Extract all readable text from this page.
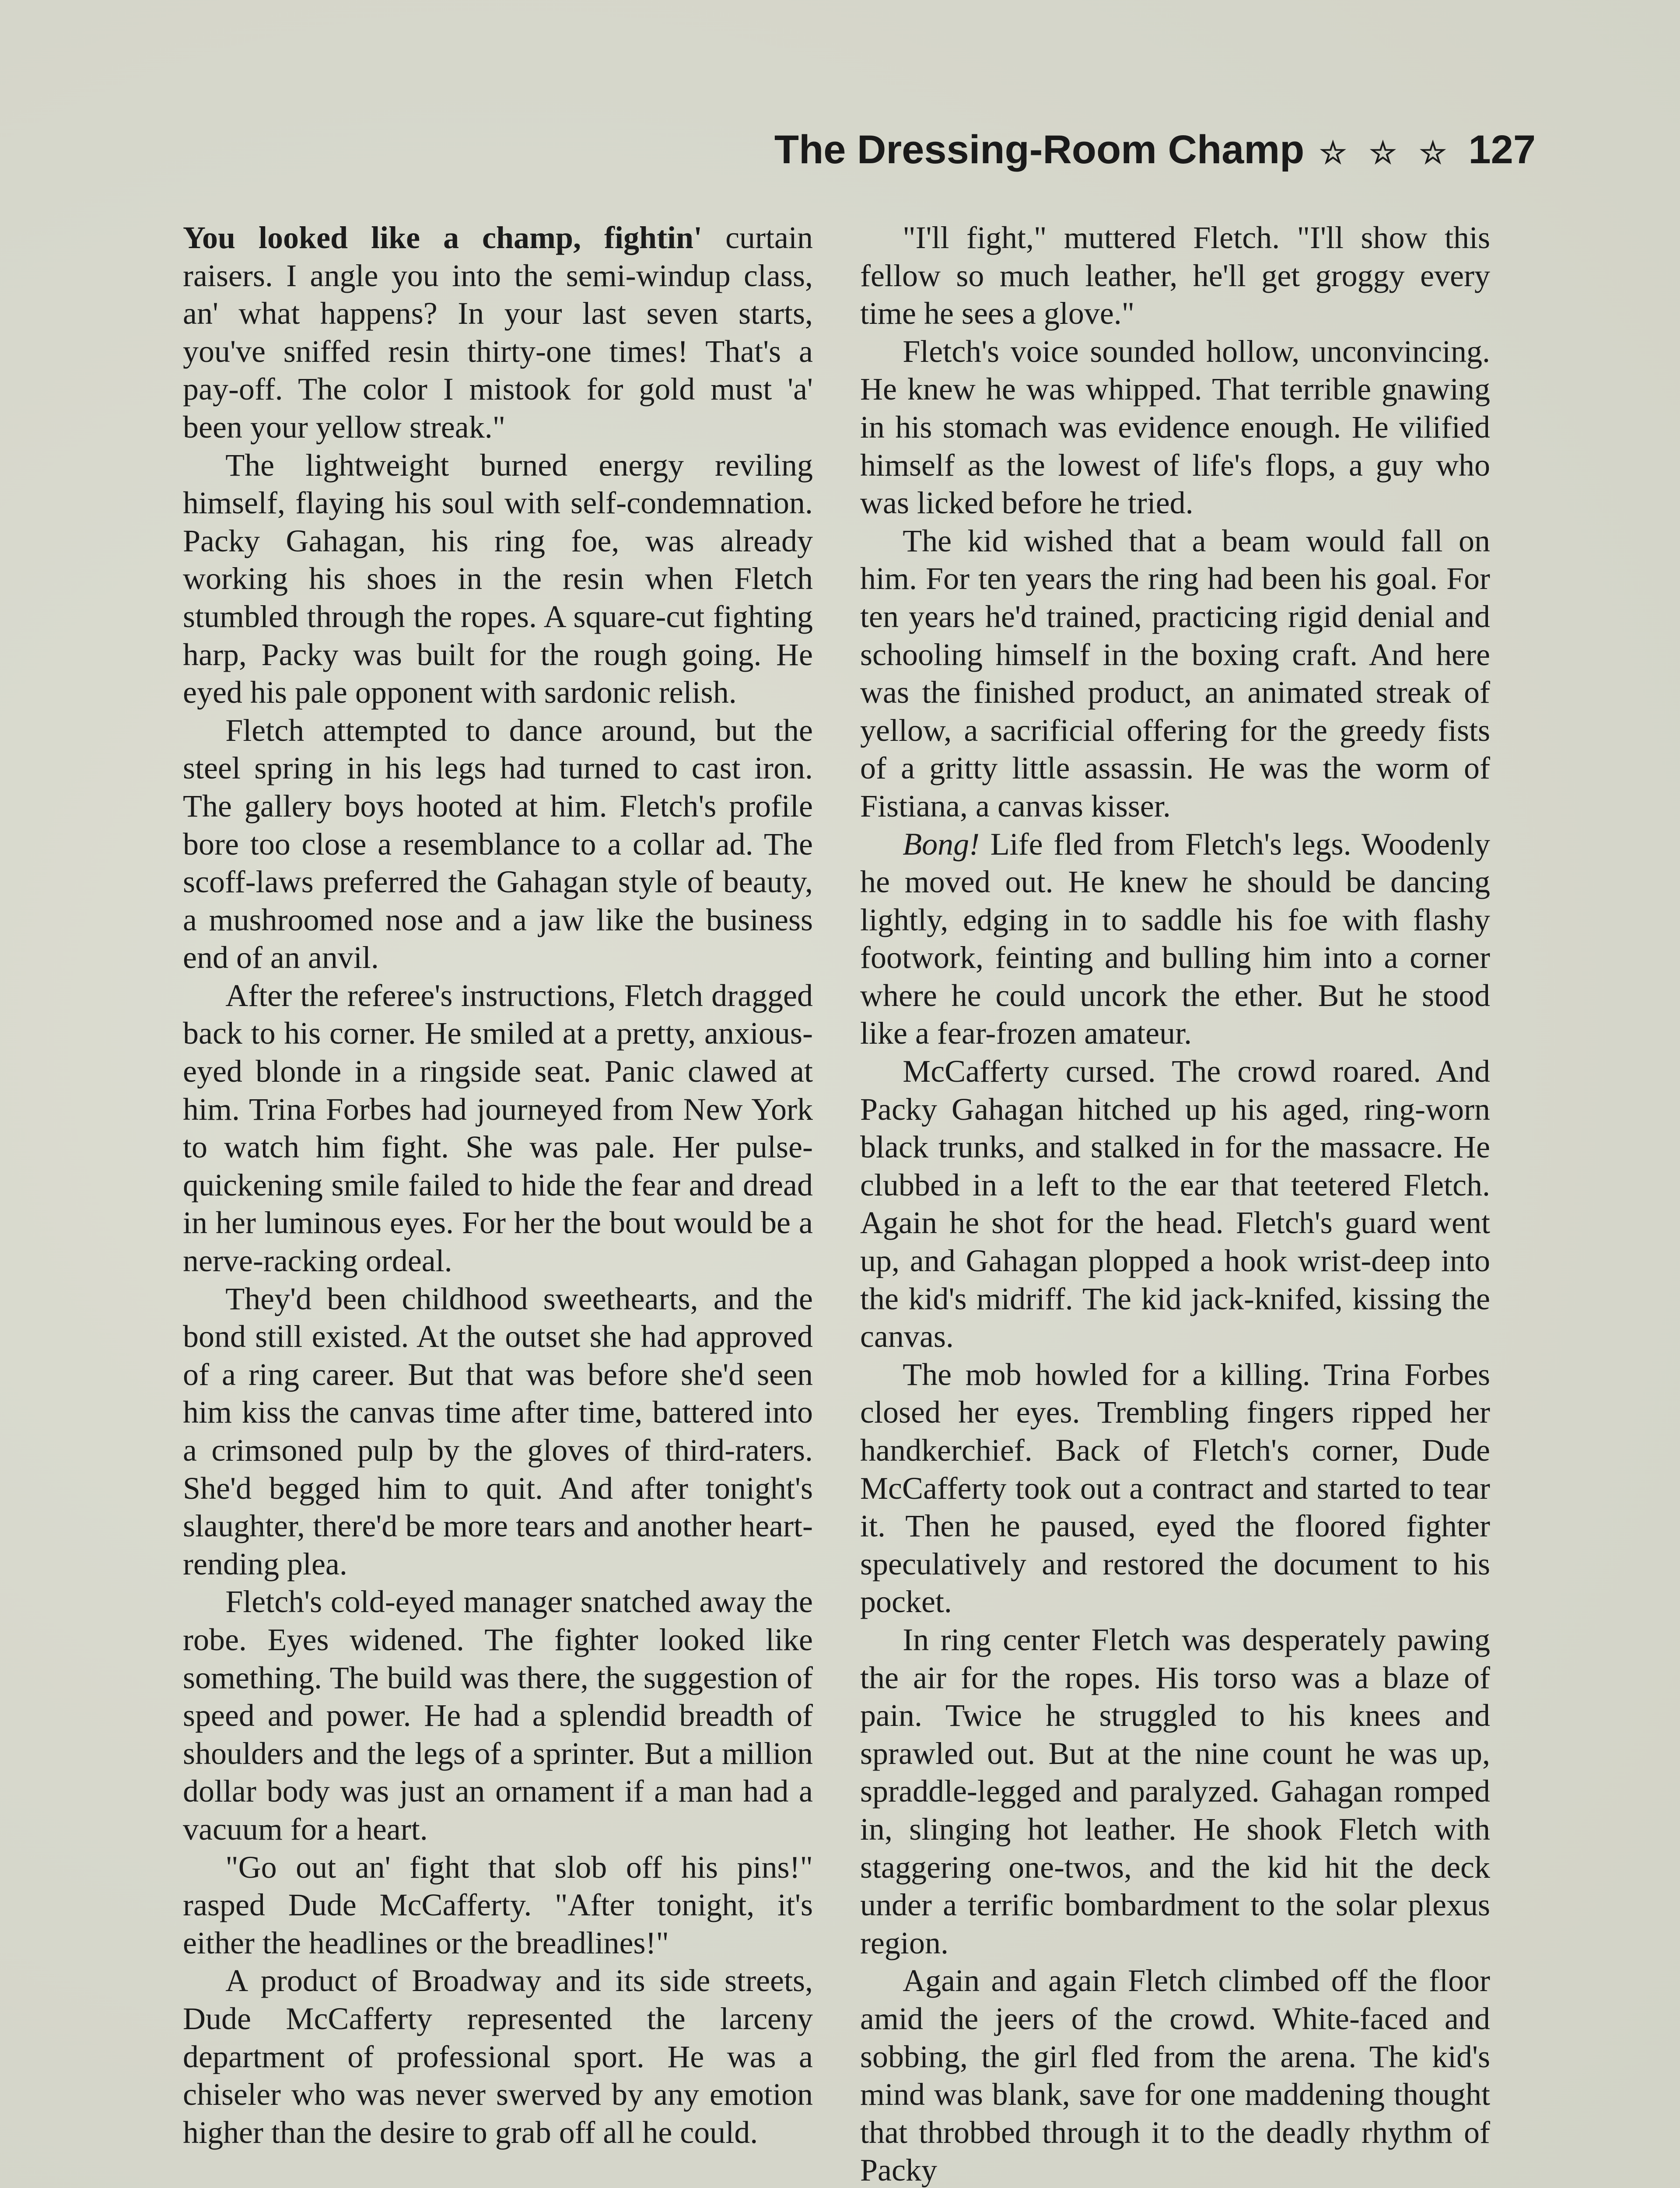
The Dressing-Room Champ ☆ ☆ ☆ 127

You looked like a champ, fightin' curtain raisers. I angle you into the semi-windup class, an' what happens? In your last seven starts, you've sniffed resin thirty-one times! That's a pay-off. The color I mistook for gold must 'a' been your yellow streak."

The lightweight burned energy reviling himself, flaying his soul with self-condemnation. Packy Gahagan, his ring foe, was already working his shoes in the resin when Fletch stumbled through the ropes. A square-cut fighting harp, Packy was built for the rough going. He eyed his pale opponent with sardonic relish.

Fletch attempted to dance around, but the steel spring in his legs had turned to cast iron. The gallery boys hooted at him. Fletch's profile bore too close a resemblance to a collar ad. The scoff-laws preferred the Gahagan style of beauty, a mushroomed nose and a jaw like the business end of an anvil.

After the referee's instructions, Fletch dragged back to his corner. He smiled at a pretty, anxious-eyed blonde in a ringside seat. Panic clawed at him. Trina Forbes had journeyed from New York to watch him fight. She was pale. Her pulse-quickening smile failed to hide the fear and dread in her luminous eyes. For her the bout would be a nerve-racking ordeal.

They'd been childhood sweethearts, and the bond still existed. At the outset she had approved of a ring career. But that was before she'd seen him kiss the canvas time after time, battered into a crimsoned pulp by the gloves of third-raters. She'd begged him to quit. And after tonight's slaughter, there'd be more tears and another heart-rending plea.

Fletch's cold-eyed manager snatched away the robe. Eyes widened. The fighter looked like something. The build was there, the suggestion of speed and power. He had a splendid breadth of shoulders and the legs of a sprinter. But a million dollar body was just an ornament if a man had a vacuum for a heart.

"Go out an' fight that slob off his pins!" rasped Dude McCafferty. "After tonight, it's either the headlines or the breadlines!"

A product of Broadway and its side streets, Dude McCafferty represented the larceny department of professional sport. He was a chiseler who was never swerved by any emotion higher than the desire to grab off all he could.

"I'll fight," muttered Fletch. "I'll show this fellow so much leather, he'll get groggy every time he sees a glove."

Fletch's voice sounded hollow, unconvincing. He knew he was whipped. That terrible gnawing in his stomach was evidence enough. He vilified himself as the lowest of life's flops, a guy who was licked before he tried.

The kid wished that a beam would fall on him. For ten years the ring had been his goal. For ten years he'd trained, practicing rigid denial and schooling himself in the boxing craft. And here was the finished product, an animated streak of yellow, a sacrificial offering for the greedy fists of a gritty little assassin. He was the worm of Fistiana, a canvas kisser.

Bong! Life fled from Fletch's legs. Woodenly he moved out. He knew he should be dancing lightly, edging in to saddle his foe with flashy footwork, feinting and bulling him into a corner where he could uncork the ether. But he stood like a fear-frozen amateur.

McCafferty cursed. The crowd roared. And Packy Gahagan hitched up his aged, ring-worn black trunks, and stalked in for the massacre. He clubbed in a left to the ear that teetered Fletch. Again he shot for the head. Fletch's guard went up, and Gahagan plopped a hook wrist-deep into the kid's midriff. The kid jack-knifed, kissing the canvas.

The mob howled for a killing. Trina Forbes closed her eyes. Trembling fingers ripped her handkerchief. Back of Fletch's corner, Dude McCafferty took out a contract and started to tear it. Then he paused, eyed the floored fighter speculatively and restored the document to his pocket.

In ring center Fletch was desperately pawing the air for the ropes. His torso was a blaze of pain. Twice he struggled to his knees and sprawled out. But at the nine count he was up, spraddle-legged and paralyzed. Gahagan romped in, slinging hot leather. He shook Fletch with staggering one-twos, and the kid hit the deck under a terrific bombardment to the solar plexus region.

Again and again Fletch climbed off the floor amid the jeers of the crowd. White-faced and sobbing, the girl fled from the arena. The kid's mind was blank, save for one maddening thought that throbbed through it to the deadly rhythm of Packy
